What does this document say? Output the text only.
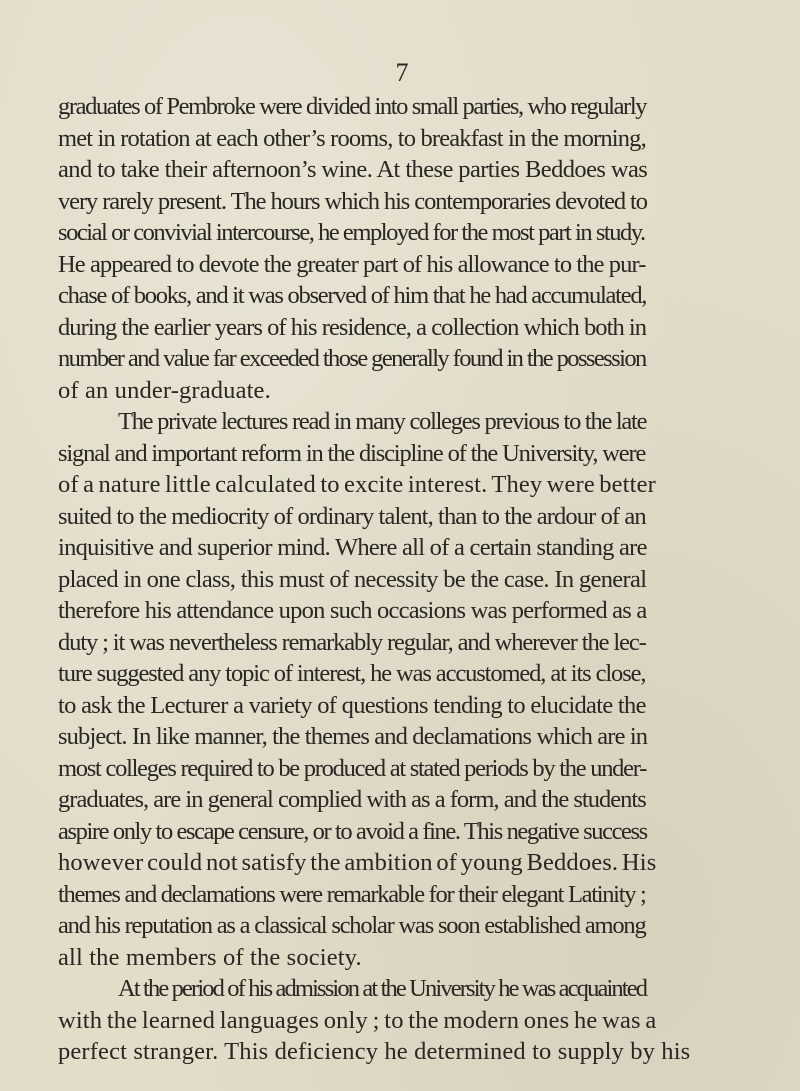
7
graduates of Pembroke were divided into small parties, who regularly
met in rotation at each other’s rooms, to breakfast in the morning,
and to take their afternoon’s wine. At these parties Beddoes was
very rarely present. The hours which his contemporaries devoted to
social or convivial intercourse, he employed for the most part in study.
He appeared to devote the greater part of his allowance to the pur-
chase of books, and it was observed of him that he had accumulated,
during the earlier years of his residence, a collection which both in
number and value far exceeded those generally found in the possession
of an under-graduate.
The private lectures read in many colleges previous to the late
signal and important reform in the discipline of the University, were
of a nature little calculated to excite interest. They were better
suited to the mediocrity of ordinary talent, than to the ardour of an
inquisitive and superior mind. Where all of a certain standing are
placed in one class, this must of necessity be the case. In general
therefore his attendance upon such occasions was performed as a
duty ; it was nevertheless remarkably regular, and wherever the lec-
ture suggested any topic of interest, he was accustomed, at its close,
to ask the Lecturer a variety of questions tending to elucidate the
subject. In like manner, the themes and declamations which are in
most colleges required to be produced at stated periods by the under-
graduates, are in general complied with as a form, and the students
aspire only to escape censure, or to avoid a fine. This negative success
however could not satisfy the ambition of young Beddoes. His
themes and declamations were remarkable for their elegant Latinity ;
and his reputation as a classical scholar was soon established among
all the members of the society.
At the period of his admission at the University he was acquainted
with the learned languages only ; to the modern ones he was a
perfect stranger. This deficiency he determined to supply by his
